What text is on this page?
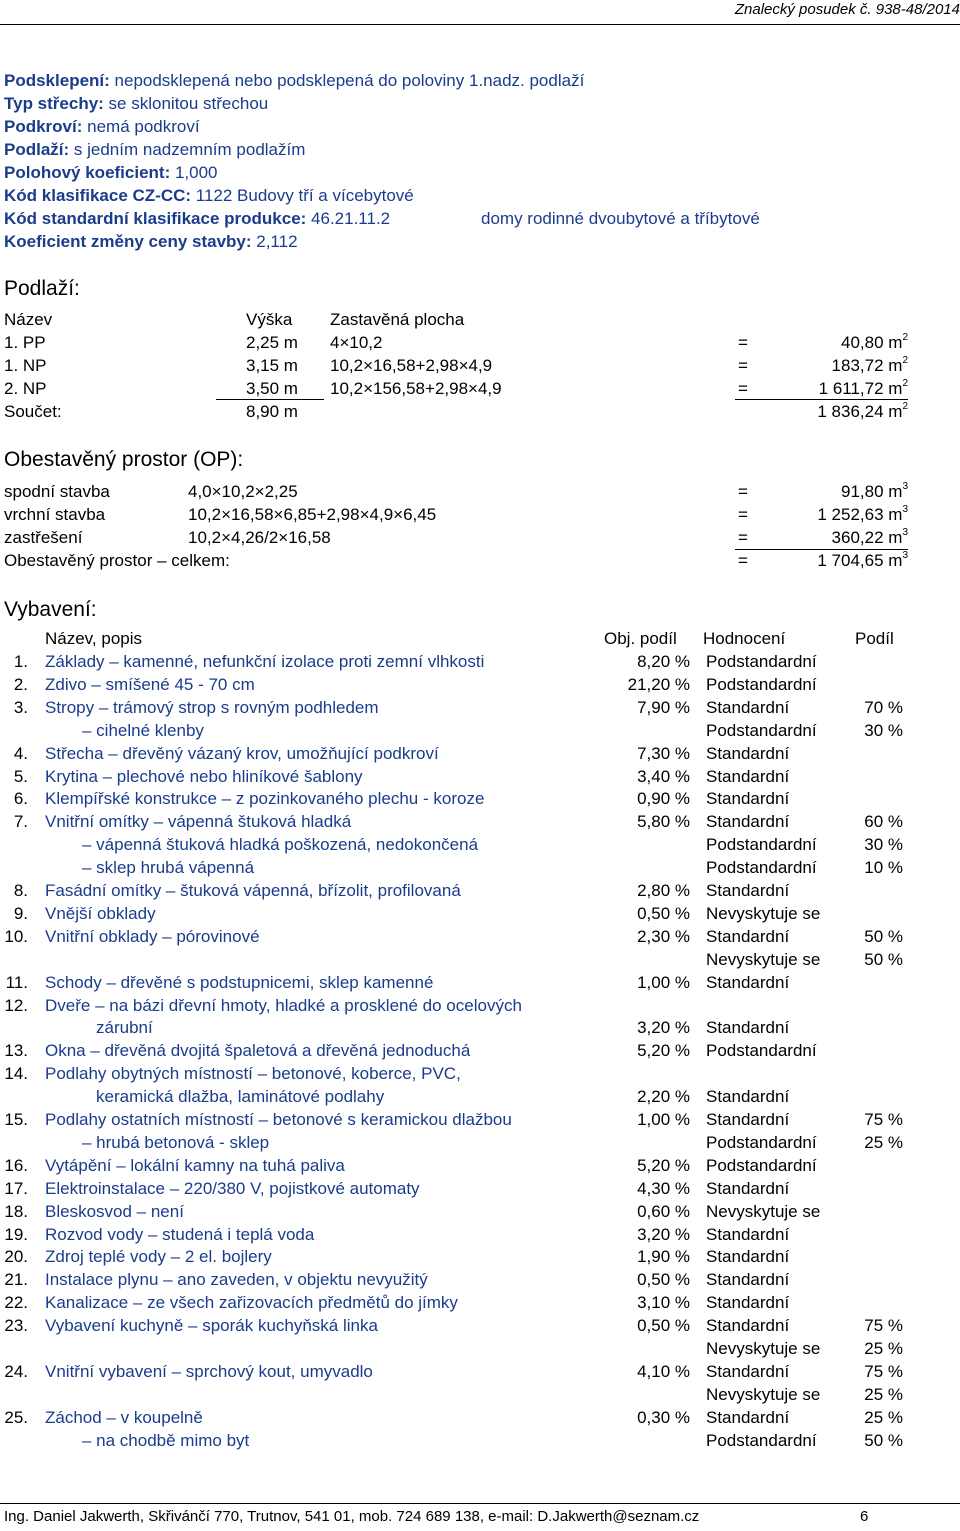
Znalecký posudek č. 938-48/2014
Podsklepení: nepodsklepená nebo podsklepená do poloviny 1.nadz. podlaží
Typ střechy: se sklonitou střechou
Podkroví: nemá podkroví
Podlaží: s jedním nadzemním podlažím
Polohový koeficient: 1,000
Kód klasifikace CZ-CC: 1122 Budovy tří a vícebytové
Kód standardní klasifikace produkce: 46.21.11.2	domy rodinné dvoubytové a tříbytové
Koeficient změny ceny stavby: 2,112
Podlaží:
Název	Výška Zastavěná plocha
1. PP	2,25 m 4×10,2	=	40,80 $m^2$
1. NP	3,15 m 10,2×16,58+2,98×4,9	=	183,72 $m^2$
2. NP	3,50 m 10,2×156,58+2,98×4,9	=	1 611,72 $m^2$
Součet:	8,90 m	1 836,24 $m^2$
Obestavěný prostor (OP):
spodní stavba	4,0×10,2×2,25	=	91,80 $m^3$
vrchní stavba	10,2×16,58×6,85+2,98×4,9×6,45	=	1 252,63 $m^3$
zastřešení	10,2×4,26/2×16,58	=	360,22 $m^3$
Obestavěný prostor – celkem:	=	1 704,65 $m^3$
Vybavení:
Název, popis	Obj. podíl Hodnocení	Podíl
1. Základy – kamenné, nefunkční izolace proti zemní vlhkosti	8,20 % Podstandardní
2. Zdivo – smíšené 45 - 70 cm	21,20 % Podstandardní
3. Stropy – trámový strop s rovným podhledem	7,90 % Standardní	70 %
– cihelné klenby	Podstandardní	30 %
4. Střecha – dřevěný vázaný krov, umožňující podkroví	7,30 % Standardní
5. Krytina – plechové nebo hliníkové šablony	3,40 % Standardní
6. Klempířské konstrukce – z pozinkovaného plechu - koroze	0,90 % Standardní
7. Vnitřní omítky – vápenná štuková hladká	5,80 % Standardní	60 %
– vápenná štuková hladká poškozená, nedokončená	Podstandardní	30 %
– sklep hrubá vápenná	Podstandardní	10 %
8. Fasádní omítky – štuková vápenná, břízolit, profilovaná	2,80 % Standardní
9. Vnější obklady	0,50 % Nevyskytuje se
10. Vnitřní obklady – pórovinové	2,30 % Standardní	50 %
Nevyskytuje se	50 %
11. Schody – dřevěné s podstupnicemi, sklep kamenné	1,00 % Standardní
12. Dveře – na bázi dřevní hmoty, hladké a prosklené do ocelových
zárubní	3,20 % Standardní
13. Okna – dřevěná dvojitá špaletová a dřevěná jednoduchá	5,20 % Podstandardní
14. Podlahy obytných místností – betonové, koberce, PVC,
keramická dlažba, laminátové podlahy	2,20 % Standardní
15. Podlahy ostatních místností – betonové s keramickou dlažbou	1,00 % Standardní	75 %
– hrubá betonová - sklep	Podstandardní	25 %
16. Vytápění – lokální kamny na tuhá paliva	5,20 % Podstandardní
17. Elektroinstalace – 220/380 V, pojistkové automaty	4,30 % Standardní
18. Bleskosvod – není	0,60 % Nevyskytuje se
19. Rozvod vody – studená i teplá voda	3,20 % Standardní
20. Zdroj teplé vody – 2 el. bojlery	1,90 % Standardní
21. Instalace plynu – ano zaveden, v objektu nevyužitý	0,50 % Standardní
22. Kanalizace – ze všech zařizovacích předmětů do jímky	3,10 % Standardní
23. Vybavení kuchyně – sporák kuchyňská linka	0,50 % Standardní	75 %
Nevyskytuje se	25 %
24. Vnitřní vybavení – sprchový kout, umyvadlo	4,10 % Standardní	75 %
Nevyskytuje se	25 %
25. Záchod – v koupelně	0,30 % Standardní	25 %
– na chodbě mimo byt	Podstandardní	50 %
Ing. Daniel Jakwerth, Skřivánčí 770, Trutnov, 541 01, mob. 724 689 138, e-mail: D.Jakwerth@seznam.cz	6
